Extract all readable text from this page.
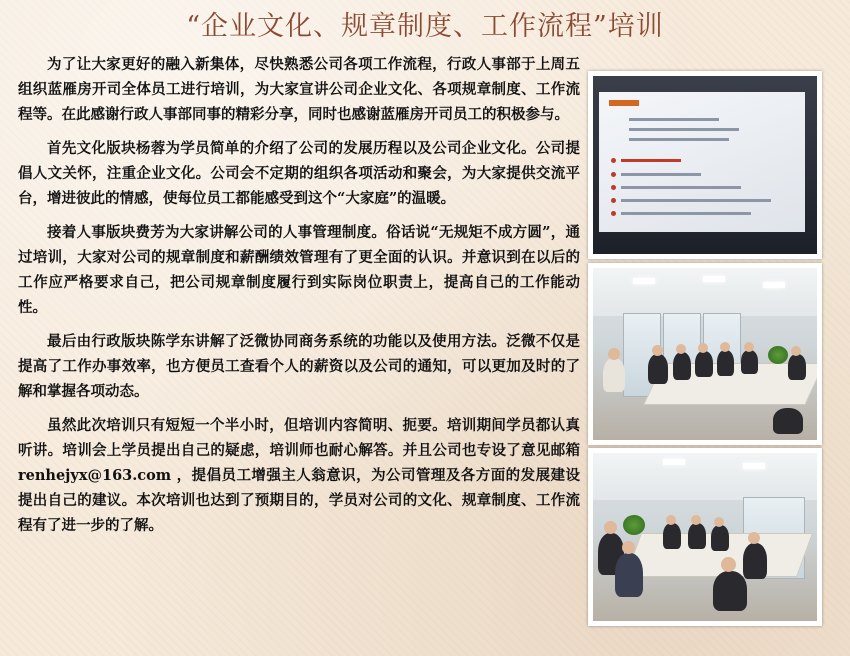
“企业文化、规章制度、工作流程”培训

为了让大家更好的融入新集体，尽快熟悉公司各项工作流程，行政人事部于上周五组织蓝雁房开司全体员工进行培训，为大家宣讲公司企业文化、各项规章制度、工作流程等。在此感谢行政人事部同事的精彩分享，同时也感谢蓝雁房开司员工的积极参与。

首先文化版块杨蓉为学员简单的介绍了公司的发展历程以及公司企业文化。公司提倡人文关怀，注重企业文化。公司会不定期的组织各项活动和聚会，为大家提供交流平台，增进彼此的情感，使每位员工都能感受到这个“大家庭”的温暖。

接着人事版块费芳为大家讲解公司的人事管理制度。俗话说“无规矩不成方圆”，通过培训，大家对公司的规章制度和薪酬绩效管理有了更全面的认识。并意识到在以后的工作应严格要求自己，把公司规章制度履行到实际岗位职责上，提高自己的工作能动性。

最后由行政版块陈学东讲解了泛微协同商务系统的功能以及使用方法。泛微不仅是提高了工作办事效率，也方便员工查看个人的薪资以及公司的通知，可以更加及时的了解和掌握各项动态。

虽然此次培训只有短短一个半小时，但培训内容简明、扼要。培训期间学员都认真听讲。培训会上学员提出自己的疑虑，培训师也耐心解答。并且公司也专设了意见邮箱renhejyx@163.com ，提倡员工增强主人翁意识，为公司管理及各方面的发展建设提出自己的建议。本次培训也达到了预期目的，学员对公司的文化、规章制度、工作流程有了进一步的了解。
